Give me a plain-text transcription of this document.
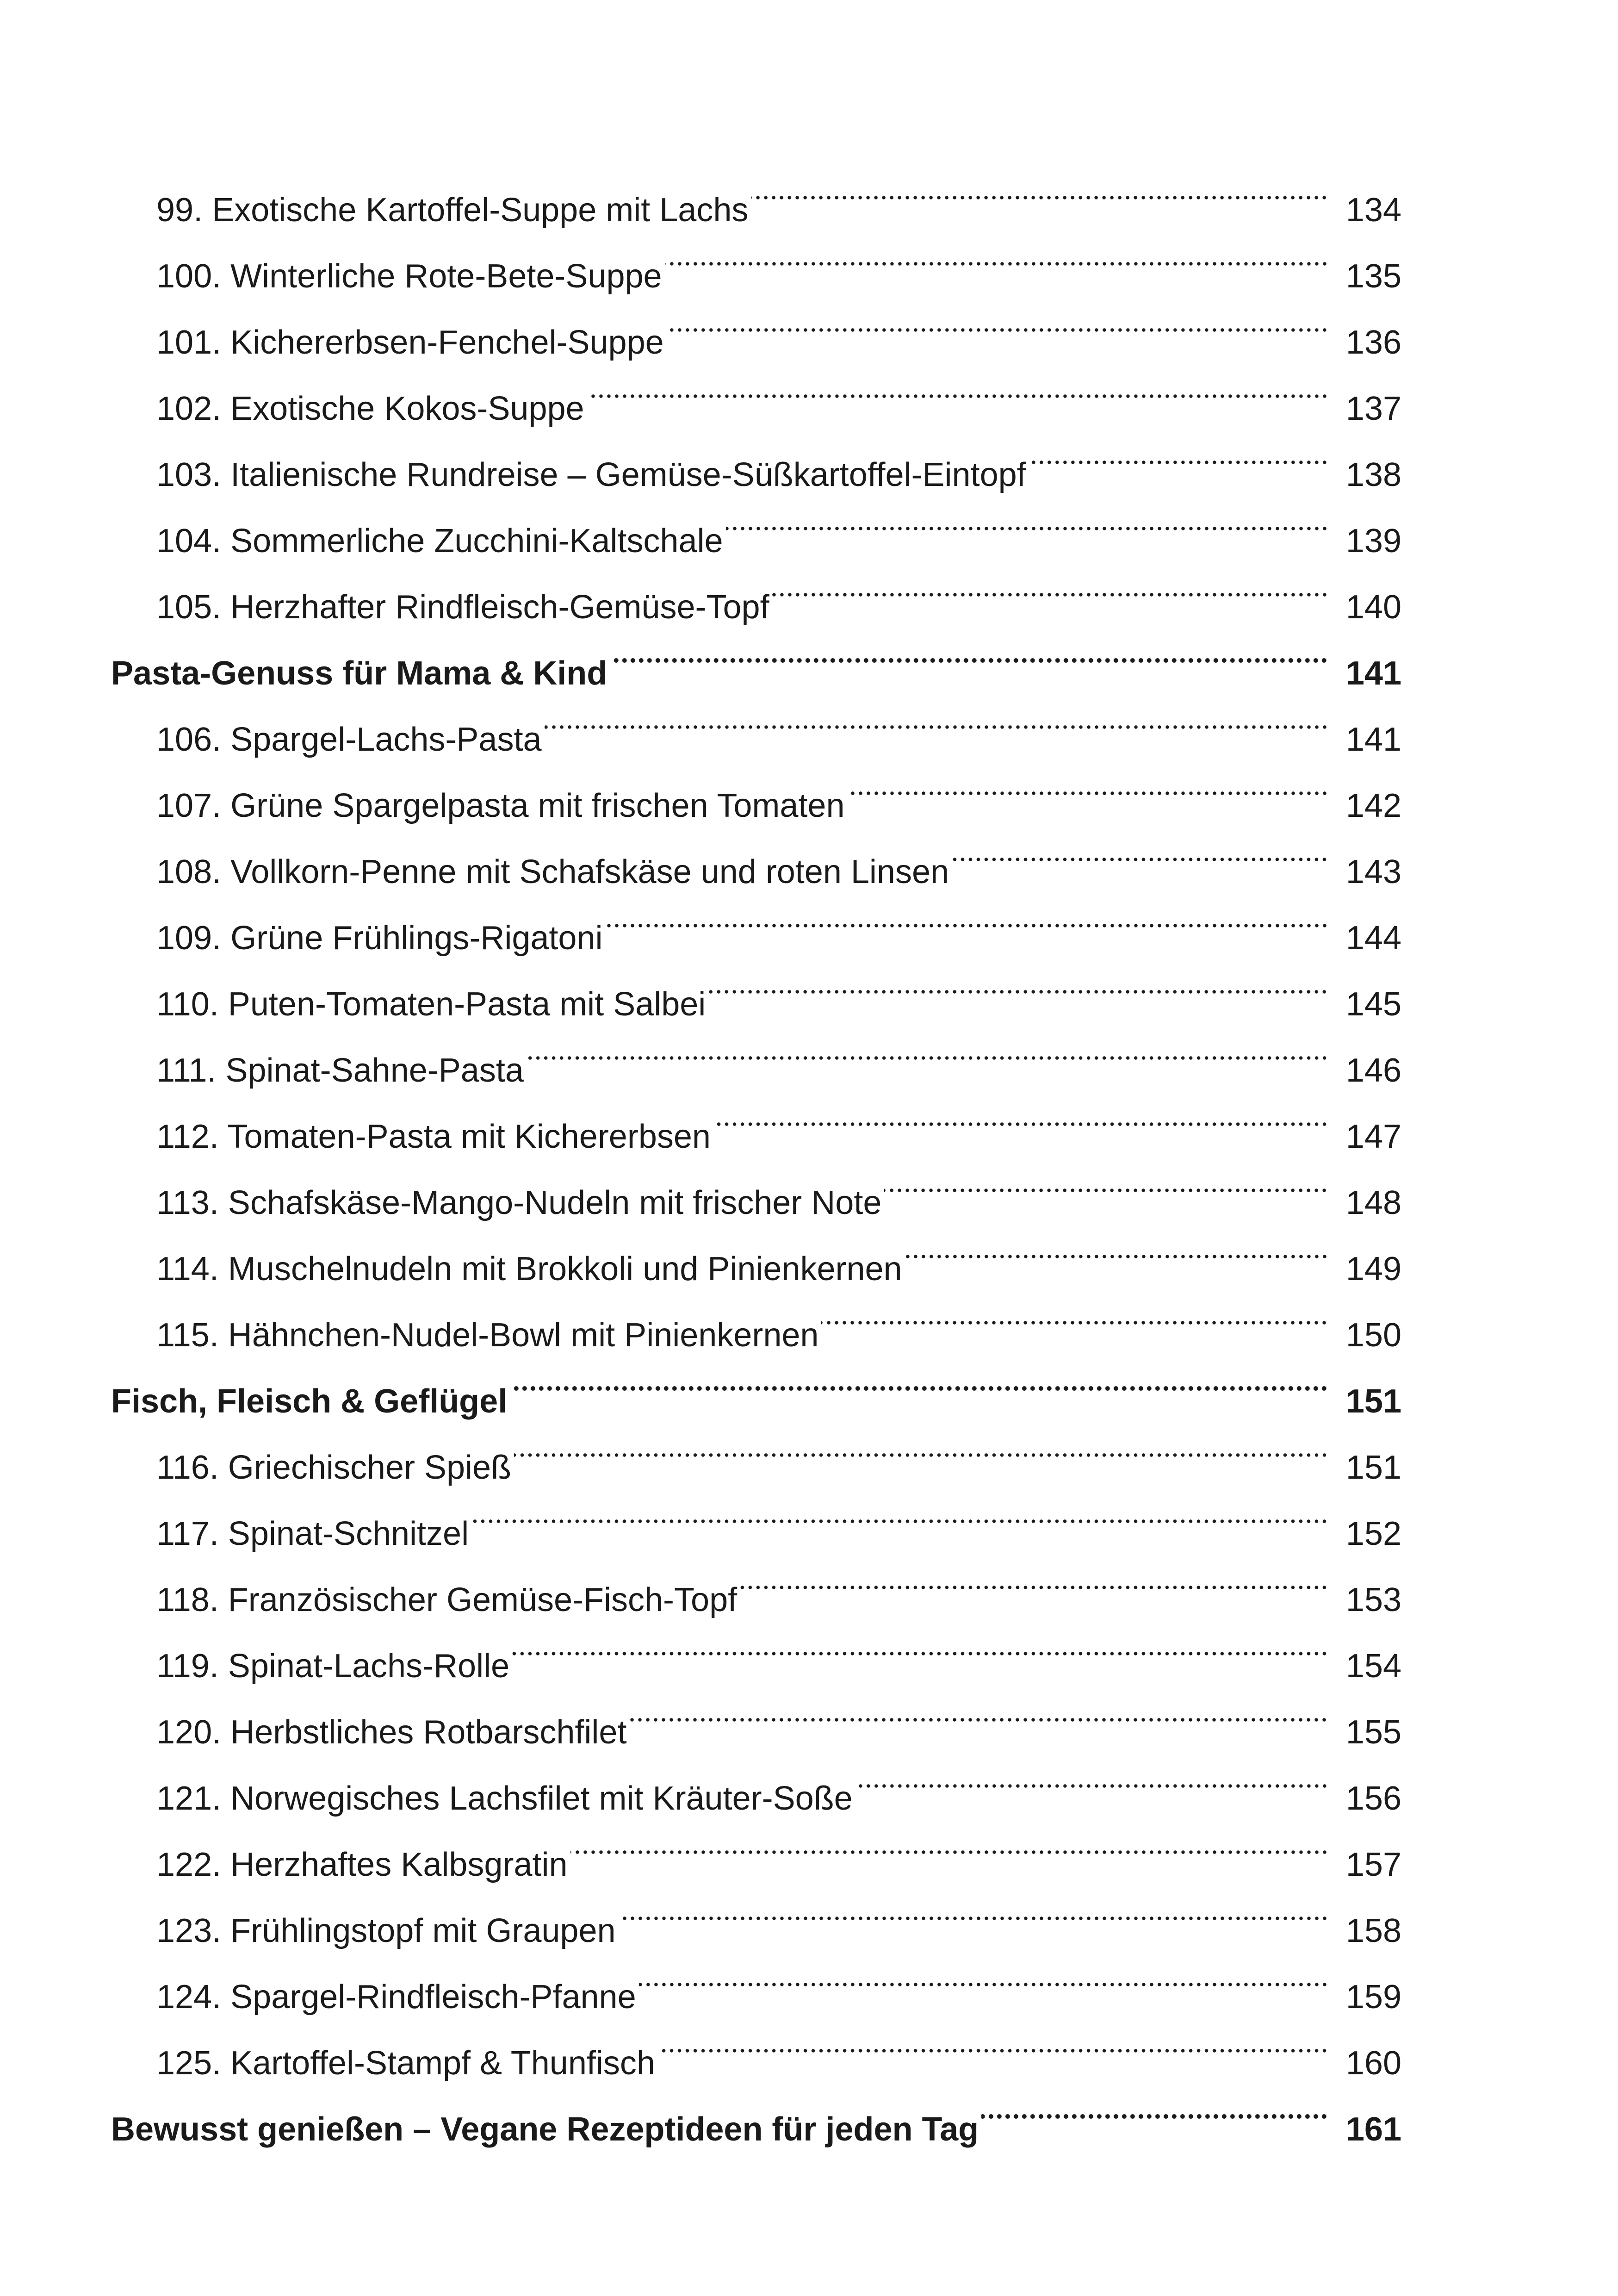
99. Exotische Kartoffel-Suppe mit Lachs	134
100. Winterliche Rote-Bete-Suppe	135
101. Kichererbsen-Fenchel-Suppe	136
102. Exotische Kokos-Suppe	137
103. Italienische Rundreise – Gemüse-Süßkartoffel-Eintopf	138
104. Sommerliche Zucchini-Kaltschale	139
105. Herzhafter Rindfleisch-Gemüse-Topf	140
Pasta-Genuss für Mama & Kind	141
106. Spargel-Lachs-Pasta	141
107. Grüne Spargelpasta mit frischen Tomaten	142
108. Vollkorn-Penne mit Schafskäse und roten Linsen	143
109. Grüne Frühlings-Rigatoni	144
110. Puten-Tomaten-Pasta mit Salbei	145
111. Spinat-Sahne-Pasta	146
112. Tomaten-Pasta mit Kichererbsen	147
113. Schafskäse-Mango-Nudeln mit frischer Note	148
114. Muschelnudeln mit Brokkoli und Pinienkernen	149
115. Hähnchen-Nudel-Bowl mit Pinienkernen	150
Fisch, Fleisch & Geflügel	151
116. Griechischer Spieß	151
117. Spinat-Schnitzel	152
118. Französischer Gemüse-Fisch-Topf	153
119. Spinat-Lachs-Rolle	154
120. Herbstliches Rotbarschfilet	155
121. Norwegisches Lachsfilet mit Kräuter-Soße	156
122. Herzhaftes Kalbsgratin	157
123. Frühlingstopf mit Graupen	158
124. Spargel-Rindfleisch-Pfanne	159
125. Kartoffel-Stampf & Thunfisch	160
Bewusst genießen – Vegane Rezeptideen für jeden Tag	161
